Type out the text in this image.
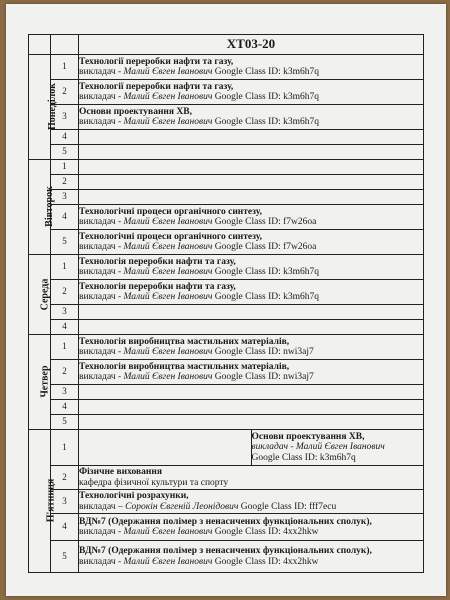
		ХТ03-20	
Понеділок	1	Технології переробки нафти та газу,
викладач - Малий Євген Іванович Google Class ID: k3m6h7q	

	2	Технології переробки нафти та газу,
викладач - Малий Євген Іванович Google Class ID: k3m6h7q	

	3	Основи проектування ХВ,
викладач - Малий Євген Іванович Google Class ID: k3m6h7q	

	4		
	5		
Вівторок	1		
	2		
	3		
	4	Технологічні процеси органічного синтезу,
викладач - Малий Євген Іванович Google Class ID: f7w26oa	

	5	Технологічні процеси органічного синтезу,
викладач - Малий Євген Іванович Google Class ID: f7w26oa	

Середа	1	Технологія переробки нафти та газу,
викладач - Малий Євген Іванович Google Class ID: k3m6h7q	

	2	Технологія переробки нафти та газу,
викладач - Малий Євген Іванович Google Class ID: k3m6h7q	

	3		
	4		
Четвер	1	Технологія виробництва мастильних матеріалів,
викладач - Малий Євген Іванович Google Class ID: nwi3aj7	

	2	Технологія виробництва мастильних матеріалів,
викладач - Малий Євген Іванович Google Class ID: nwi3aj7	

	3		
	4		
	5		
П'ятниця	1		Основи проектування ХВ,
викладач - Малий Євген Іванович
Google Class ID: k3m6h7q

	2	Фізичне виховання
кафедра фізичної культури та спорту	

	3	Технологічні розрахунки,
викладач – Сорокін Євгеній Леонідович Google Class ID: fff7ecu	

	4	ВД№7 (Одержання полімер з ненасичених функціональних сполук),
викладач - Малий Євген Іванович Google Class ID: 4xx2hkw	

	5	ВД№7 (Одержання полімер з ненасичених функціональних сполук),
викладач - Малий Євген Іванович Google Class ID: 4xx2hkw	
